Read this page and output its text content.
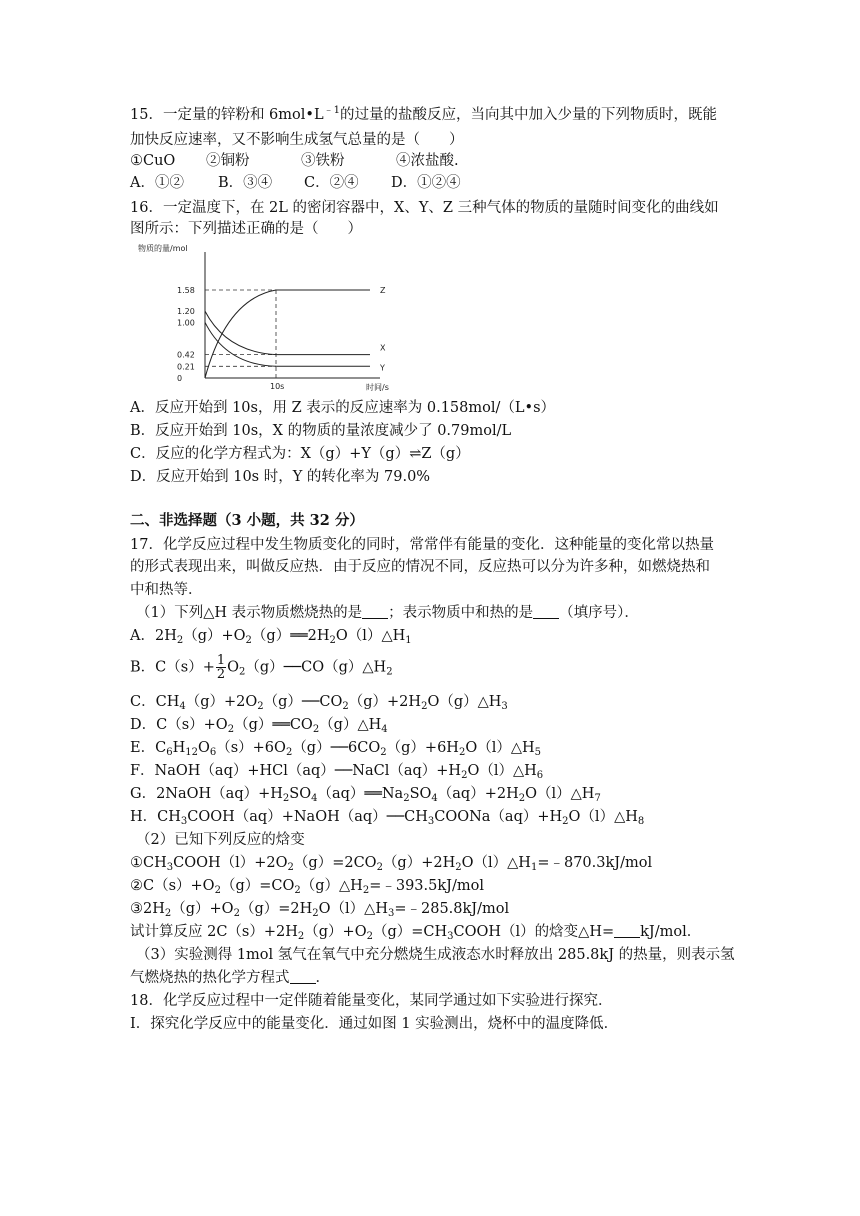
15．一定量的锌粉和 $6mol•L^{﹣1}$的过量的盐酸反应，当向其中加入少量的下列物质时，既能
加快反应速率，又不影响生成氢气总量的是（　　）
①CuO ②铜粉	③铁粉	④浓盐酸.
A．①② B．③④ C．②④ D．①②④
16．一定温度下，在 2L 的密闭容器中，X、Y、Z 三种气体的物质的量随时间变化的曲线如
图所示：下列描述正确的是（　　）
物质的量/mol
时间/s
1.58
1.20
1.00
0.42
0.21
0
10s
Z
X
Y
A．反应开始到 10s，用 Z 表示的反应速率为 0.158mol/（L•s）
B．反应开始到 10s，X 的物质的量浓度减少了 0.79mol/L
C．反应的化学方程式为：X（g）+Y（g）⇌Z（g）
D．反应开始到 10s 时，Y 的转化率为 79.0%
二、非选择题（3 小题，共 32 分）
17．化学反应过程中发生物质变化的同时，常常伴有能量的变化．这种能量的变化常以热量
的形式表现出来，叫做反应热．由于反应的情况不同，反应热可以分为许多种，如燃烧热和
中和热等．
（1）下列△H 表示物质燃烧热的是 ；表示物质中和热的是 （填序号）．
A．$2H_2(g)+O_2(g)══2H_2O(l)\triangle H_1$
B．$C(s)+ \frac{1}{2}$ $O_2(g)──CO(g)\triangle H_2$
C．$CH_4(g)+2O_2(g)──CO_2(g)+2H_2O(g)\triangle H_3$
D．$C(s)+O_2(g)══CO_2(g)\triangle H_4$
E．$C_6H_{12}O_6(s)+6O_2(g)──6CO_2(g)+6H_2O(l)\triangle H_5$
F．$NaOH(aq)+HCl(aq)──NaCl(aq)+H_2O(l)\triangle H_6$
G．$2NaOH(aq)+H_2SO_4(aq)══Na_2SO_4(aq)+2H_2O(l)\triangle H_7$
H．$CH_3COOH(aq)+NaOH(aq)──CH_3COONa(aq)+H_2O(l)\triangle H_8$
（2）已知下列反应的焓变
$①CH_3COOH(l)+2O_2(g)=2CO_2(g)+2H_2O(l)\triangle H_1=﹣870.3kJ$/mol
$②C(s)+O_2(g)=CO_2(g)\triangle H_2=﹣393.5kJ$/mol
$③2H_2(g)+O_2(g)=2H_2O(l)\triangle H_3=﹣285.8kJ$/mol
试计算反应 $2C(s)+2H_2(g)+O_2(g)=CH_3COOH(l)$的焓变△H= kJ/mol．
（3）实验测得 1mol 氢气在氧气中充分燃烧生成液态水时释放出 285.8kJ 的热量，则表示氢
气燃烧热的热化学方程式 ．
18．化学反应过程中一定伴随着能量变化，某同学通过如下实验进行探究．
Ⅰ．探究化学反应中的能量变化．通过如图 1 实验测出，烧杯中的温度降低．
